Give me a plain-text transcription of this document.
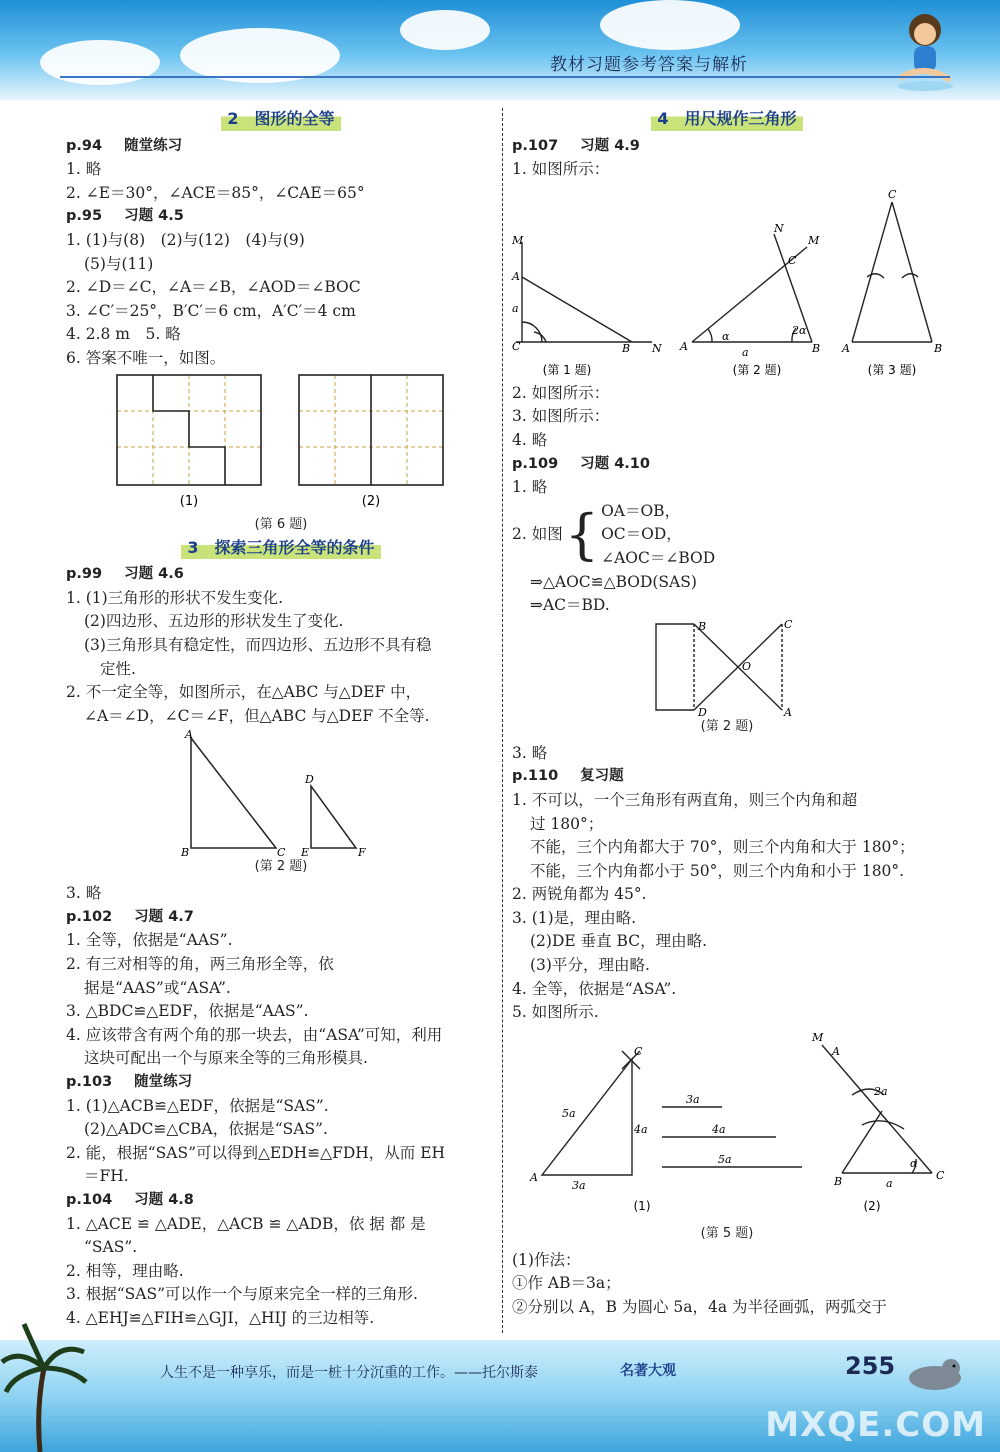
教材习题参考答案与解析
2　图形的全等
p.94 随堂练习
1. 略
2. ∠E＝30°，∠ACE＝85°，∠CAE＝65°
p.95 习题 4.5
1. (1)与(8)　(2)与(12)　(4)与(9)
(5)与(11)
2. ∠D＝∠C，∠A＝∠B，∠AOD＝∠BOC
3. ∠C′＝25°，B′C′＝6 cm，A′C′＝4 cm
4. 2.8 m　5. 略
6. 答案不唯一，如图。
(1)	(2)
(第 6 题)
3　探索三角形全等的条件
p.99 习题 4.6
1. (1)三角形的形状不发生变化.
(2)四边形、五边形的形状发生了变化.
(3)三角形具有稳定性，而四边形、五边形不具有稳
定性.
2. 不一定全等，如图所示，在△ABC 与△DEF 中，
∠A＝∠D，∠C＝∠F，但△ABC 与△DEF 不全等.
A
B	C
D
E	F
(第 2 题)
3. 略
p.102 习题 4.7
1. 全等，依据是“AAS”.
2. 有三对相等的角，两三角形全等，依
据是“AAS”或“ASA”.
3. △BDC≌△EDF，依据是“AAS”.
4. 应该带含有两个角的那一块去，由“ASA”可知，利用
这块可配出一个与原来全等的三角形模具.
p.103 随堂练习
1. (1)△ACB≌△EDF，依据是“SAS”.
(2)△ADC≌△CBA，依据是“SAS”.
2. 能，根据“SAS”可以得到△EDH≌△FDH，从而 EH
＝FH.
p.104 习题 4.8
1. △ACE ≌ △ADE，△ACB ≌ △ADB，依 据 都 是
“SAS”.
2. 相等，理由略.
3. 根据“SAS”可以作一个与原来完全一样的三角形.
4. △EHJ≌△FIH≌△GJI，△HIJ 的三边相等.
4　用尺规作三角形
p.107 习题 4.9
1. 如图所示：
M
A
a
C	B N A	B
α	2α
N
M
C
a
C
A	B
(第 1 题)	(第 2 题)	(第 3 题)
2. 如图所示：
3. 如图所示：
4. 略
p.109 习题 4.10
1. 略
2. 如图 { OA＝OB，
OC＝OD，
∠AOC＝∠BOD
⇒△AOC≌△BOD(SAS)
⇒AC＝BD.
B
D
C
A
O
(第 2 题)
3. 略
p.110 复习题
1. 不可以，一个三角形有两直角，则三个内角和超
过 180°；
不能，三个内角都大于 70°，则三个内角和大于 180°；
不能，三个内角都小于 50°，则三个内角和小于 180°.
2. 两锐角都为 45°.
3. (1)是，理由略.
(2)DE 垂直 BC，理由略.
(3)平分，理由略.
4. 全等，依据是“ASA”.
5. 如图所示.
A
C
4a
3a
5a
3a
4a
5a
M
A
2a
B	C
α
a
(1)	(2)
(第 5 题)
(1)作法：
①作 AB＝3a；
②分别以 A，B 为圆心 5a，4a 为半径画弧，两弧交于
人生不是一种享乐，而是一桩十分沉重的工作。——托尔斯泰	名著大观	255
MXQE.COM
